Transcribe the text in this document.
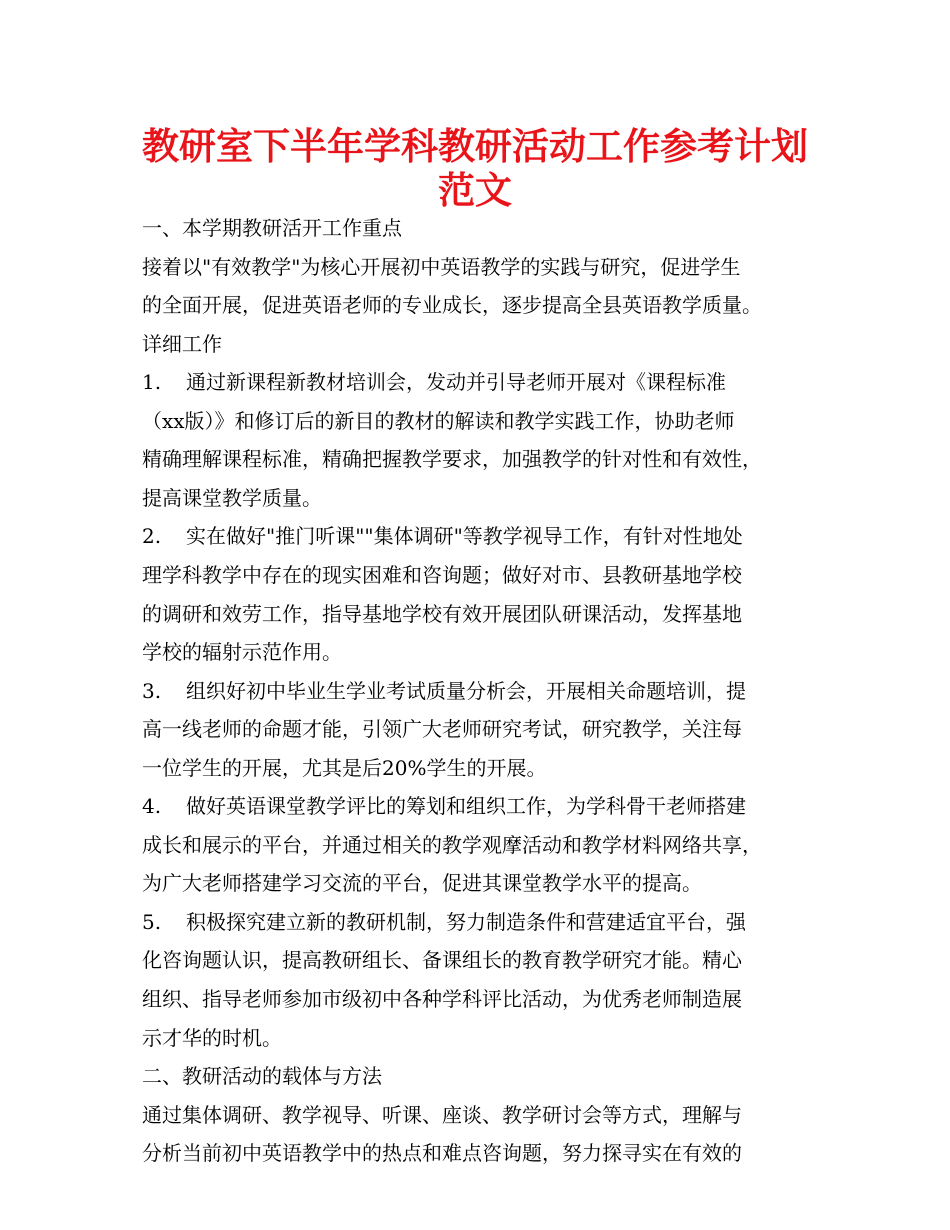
教研室下半年学科教研活动工作参考计划
范文
一、本学期教研活开工作重点
接着以"有效教学"为核心开展初中英语教学的实践与研究，促进学生
的全面开展，促进英语老师的专业成长，逐步提高全县英语教学质量。
详细工作
1. 通过新课程新教材培训会，发动并引导老师开展对《课程标准
（xx版）》和修订后的新目的教材的解读和教学实践工作，协助老师
精确理解课程标准，精确把握教学要求，加强教学的针对性和有效性，
提高课堂教学质量。
2. 实在做好"推门听课""集体调研"等教学视导工作，有针对性地处
理学科教学中存在的现实困难和咨询题；做好对市、县教研基地学校
的调研和效劳工作，指导基地学校有效开展团队研课活动，发挥基地
学校的辐射示范作用。
3. 组织好初中毕业生学业考试质量分析会，开展相关命题培训，提
高一线老师的命题才能，引领广大老师研究考试，研究教学，关注每
一位学生的开展，尤其是后20%学生的开展。
4. 做好英语课堂教学评比的筹划和组织工作，为学科骨干老师搭建
成长和展示的平台，并通过相关的教学观摩活动和教学材料网络共享，
为广大老师搭建学习交流的平台，促进其课堂教学水平的提高。
5. 积极探究建立新的教研机制，努力制造条件和营建适宜平台，强
化咨询题认识，提高教研组长、备课组长的教育教学研究才能。精心
组织、指导老师参加市级初中各种学科评比活动，为优秀老师制造展
示才华的时机。
二、教研活动的载体与方法
通过集体调研、教学视导、听课、座谈、教学研讨会等方式，理解与
分析当前初中英语教学中的热点和难点咨询题，努力探寻实在有效的
